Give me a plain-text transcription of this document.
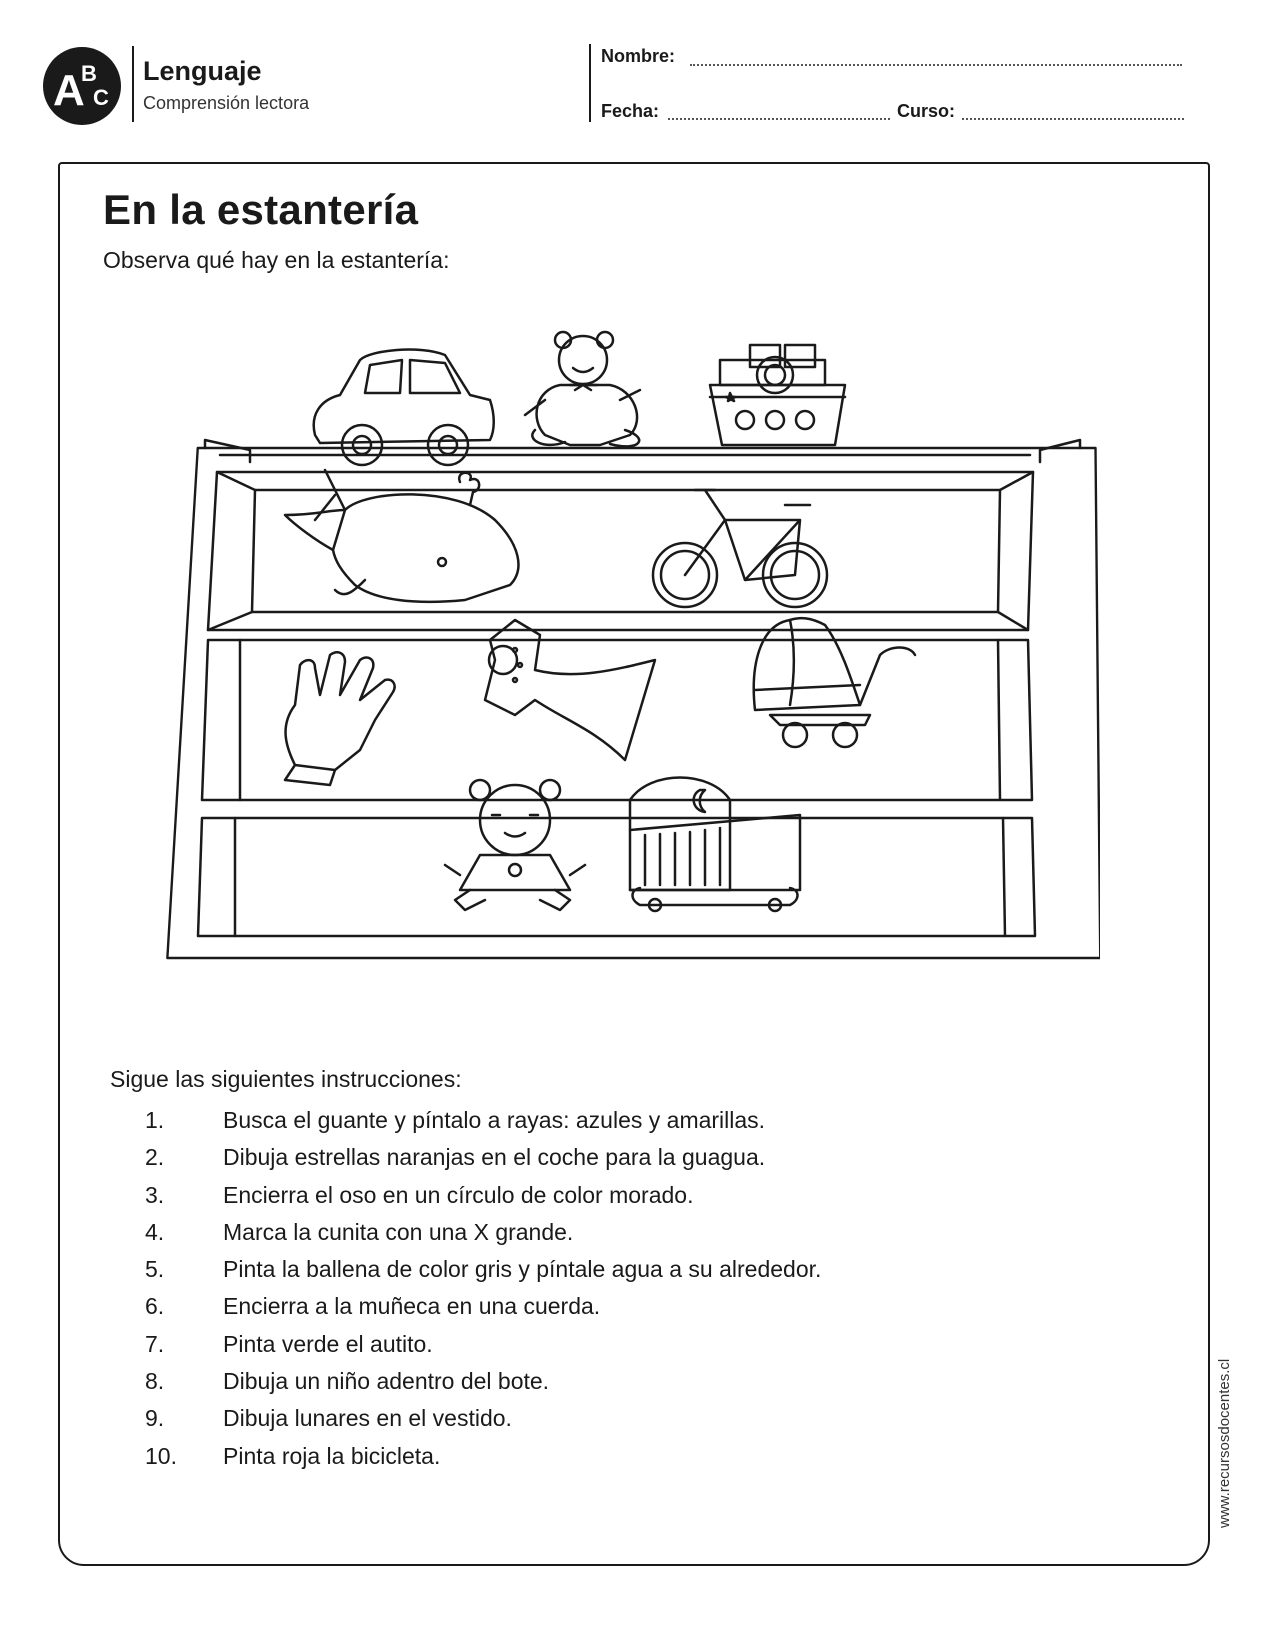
A
B
C
Lenguaje
Comprensión lectora
Nombre:
Fecha:	Curso:
En la estantería
Observa qué hay en la estantería:
Sigue las siguientes instrucciones:
1.	Busca el guante y píntalo a rayas: azules y amarillas.
2.	Dibuja estrellas naranjas en el coche para la guagua.
3.	Encierra el oso en un círculo de color morado.
4.	Marca la cunita con una X grande.
5.	Pinta la ballena de color gris y píntale agua a su alrededor.
6.	Encierra a la muñeca en una cuerda.
7.	Pinta verde el autito.
8.	Dibuja un niño adentro del bote.
9.	Dibuja lunares en el vestido.
10.	Pinta roja la bicicleta.	www.recursosdocentes.cl
